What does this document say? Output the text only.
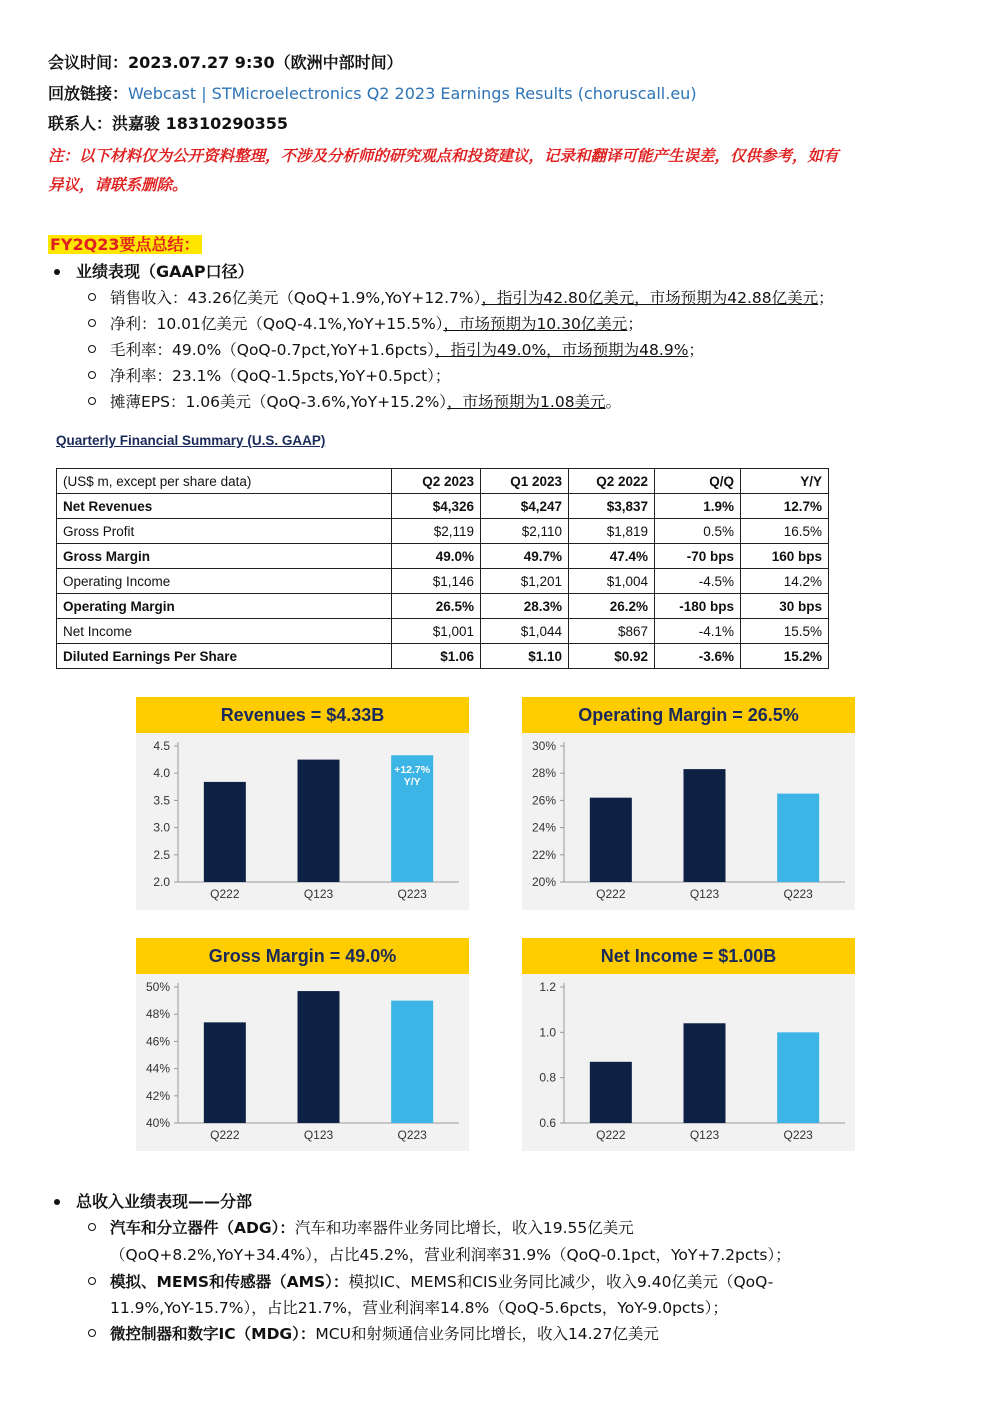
会议时间：2023.07.27 9:30（欧洲中部时间）
回放链接：Webcast | STMicroelectronics Q2 2023 Earnings Results (choruscall.eu)
联系人：洪嘉骏 18310290355
注：以下材料仅为公开资料整理，不涉及分析师的研究观点和投资建议，记录和翻译可能产生误差，仅供参考，如有
异议，请联系删除。
FY2Q23要点总结：
业绩表现（GAAP口径）
销售收入：43.26亿美元（QoQ+1.9%,YoY+12.7%），指引为42.80亿美元，市场预期为42.88亿美元；
净利：10.01亿美元（QoQ-4.1%,YoY+15.5%），市场预期为10.30亿美元；
毛利率：49.0%（QoQ-0.7pct,YoY+1.6pcts），指引为49.0%，市场预期为48.9%；
净利率：23.1%（QoQ-1.5pcts,YoY+0.5pct）；
摊薄EPS：1.06美元（QoQ-3.6%,YoY+15.2%），市场预期为1.08美元。
Quarterly Financial Summary (U.S. GAAP)
(US$ m, except per share data)	Q2 2023	Q1 2023	Q2 2022	Q/Q	Y/Y
Net Revenues	$4,326	$4,247	$3,837	1.9%	12.7%
Gross Profit	$2,119	$2,110	$1,819	0.5%	16.5%
Gross Margin	49.0%	49.7%	47.4%	-70 bps	160 bps
Operating Income	$1,146	$1,201	$1,004	-4.5%	14.2%
Operating Margin	26.5%	28.3%	26.2%	-180 bps	30 bps
Net Income	$1,001	$1,044	$867	-4.1%	15.5%
Diluted Earnings Per Share	$1.06	$1.10	$0.92	-3.6%	15.2%
Revenues = $4.33B
2.0
2.5
3.0
3.5
4.0
4.5
Q222	Q123	Q223
+12.7%
Y/Y
Operating Margin = 26.5%
20%
22%
24%
26%
28%
30%
Q222	Q123	Q223
Gross Margin = 49.0%
40%
42%
44%
46%
48%
50%
Q222	Q123	Q223
Net Income = $1.00B
0.6
0.8
1.0
1.2
Q222	Q123	Q223
总收入业绩表现——分部
汽车和分立器件（ADG）：汽车和功率器件业务同比增长，收入19.55亿美元
（QoQ+8.2%,YoY+34.4%），占比45.2%，营业利润率31.9%（QoQ-0.1pct，YoY+7.2pcts）；
模拟、MEMS和传感器（AMS）：模拟IC、MEMS和CIS业务同比减少，收入9.40亿美元（QoQ-
11.9%,YoY-15.7%），占比21.7%，营业利润率14.8%（QoQ-5.6pcts，YoY-9.0pcts）；
微控制器和数字IC（MDG）：MCU和射频通信业务同比增长，收入14.27亿美元
